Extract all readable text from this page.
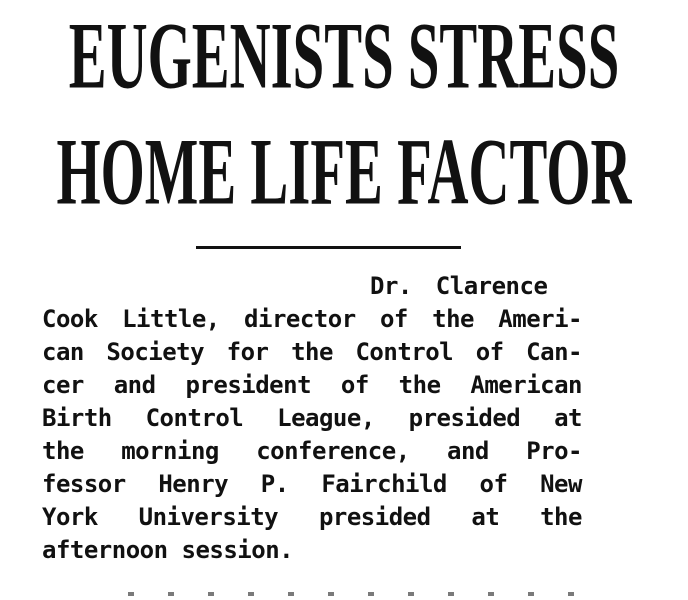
EUGENISTS STRESS
HOME LIFE FACTOR
Dr. Clarence
Cook Little, director of the Ameri-
can Society for the Control of Can-
cer and president of the American
Birth Control League, presided at
the morning conference, and Pro-
fessor Henry P. Fairchild of New
York University presided at the
afternoon session.
